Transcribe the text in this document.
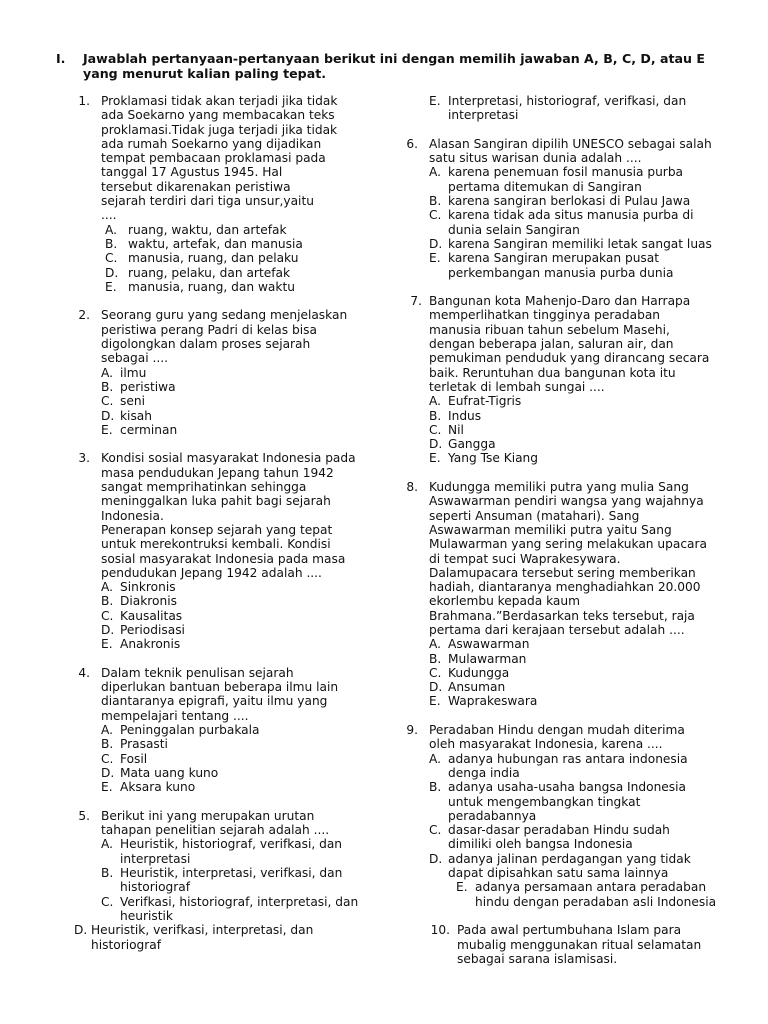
I. Jawablah pertanyaan-pertanyaan berikut ini dengan memilih jawaban A, B, C, D, atau E yang menurut kalian paling tepat.
1. Proklamasi tidak akan terjadi jika tidak
ada Soekarno yang membacakan teks
proklamasi.Tidak juga terjadi jika tidak
ada rumah Soekarno yang dijadikan
tempat pembacaan proklamasi pada
tanggal 17 Agustus 1945. Hal
tersebut dikarenakan peristiwa
sejarah terdiri dari tiga unsur,yaitu
....
A. ruang, waktu, dan artefak
B. waktu, artefak, dan manusia
C. manusia, ruang, dan pelaku
D. ruang, pelaku, dan artefak
E. manusia, ruang, dan waktu
2. Seorang guru yang sedang menjelaskan
peristiwa perang Padri di kelas bisa
digolongkan dalam proses sejarah
sebagai ....
A. ilmu
B. peristiwa
C. seni
D. kisah
E. cerminan
3. Kondisi sosial masyarakat Indonesia pada
masa pendudukan Jepang tahun 1942
sangat memprihatinkan sehingga
meninggalkan luka pahit bagi sejarah
Indonesia.
Penerapan konsep sejarah yang tepat
untuk merekontruksi kembali. Kondisi
sosial masyarakat Indonesia pada masa
pendudukan Jepang 1942 adalah ....
A. Sinkronis
B. Diakronis
C. Kausalitas
D. Periodisasi
E. Anakronis
4. Dalam teknik penulisan sejarah
diperlukan bantuan beberapa ilmu lain
diantaranya epigrafi, yaitu ilmu yang
mempelajari tentang ....
A. Peninggalan purbakala
B. Prasasti
C. Fosil
D. Mata uang kuno
E. Aksara kuno
5. Berikut ini yang merupakan urutan
tahapan penelitian sejarah adalah ....
A. Heuristik, historiograf, verifkasi, dan
interpretasi
B. Heuristik, interpretasi, verifkasi, dan
historiograf
C. Verifkasi, historiograf, interpretasi, dan
heuristik
D. Heuristik, verifkasi, interpretasi, dan
historiograf
E. Interpretasi, historiograf, verifkasi, dan
interpretasi
6. Alasan Sangiran dipilih UNESCO sebagai salah
satu situs warisan dunia adalah ....
A. karena penemuan fosil manusia purba
pertama ditemukan di Sangiran
B. karena sangiran berlokasi di Pulau Jawa
C. karena tidak ada situs manusia purba di
dunia selain Sangiran
D. karena Sangiran memiliki letak sangat luas
E. karena Sangiran merupakan pusat
perkembangan manusia purba dunia
7. Bangunan kota Mahenjo-Daro dan Harrapa
memperlihatkan tingginya peradaban
manusia ribuan tahun sebelum Masehi,
dengan beberapa jalan, saluran air, dan
pemukiman penduduk yang dirancang secara
baik. Reruntuhan dua bangunan kota itu
terletak di lembah sungai ....
A. Eufrat-Tigris
B. Indus
C. Nil
D. Gangga
E. Yang Tse Kiang
8. Kudungga memiliki putra yang mulia Sang
Aswawarman pendiri wangsa yang wajahnya
seperti Ansuman (matahari). Sang
Aswawarman memiliki putra yaitu Sang
Mulawarman yang sering melakukan upacara
di tempat suci Waprakesywara.
Dalamupacara tersebut sering memberikan
hadiah, diantaranya menghadiahkan 20.000
ekorlembu kepada kaum
Brahmana.”Berdasarkan teks tersebut, raja
pertama dari kerajaan tersebut adalah ....
A. Aswawarman
B. Mulawarman
C. Kudungga
D. Ansuman
E. Waprakeswara
9. Peradaban Hindu dengan mudah diterima
oleh masyarakat Indonesia, karena ....
A. adanya hubungan ras antara indonesia
denga india
B. adanya usaha-usaha bangsa Indonesia
untuk mengembangkan tingkat
peradabannya
C. dasar-dasar peradaban Hindu sudah
dimiliki oleh bangsa Indonesia
D. adanya jalinan perdagangan yang tidak
dapat dipisahkan satu sama lainnya
E. adanya persamaan antara peradaban
hindu dengan peradaban asli Indonesia
10. Pada awal pertumbuhana Islam para
mubalig menggunakan ritual selamatan
sebagai sarana islamisasi.
